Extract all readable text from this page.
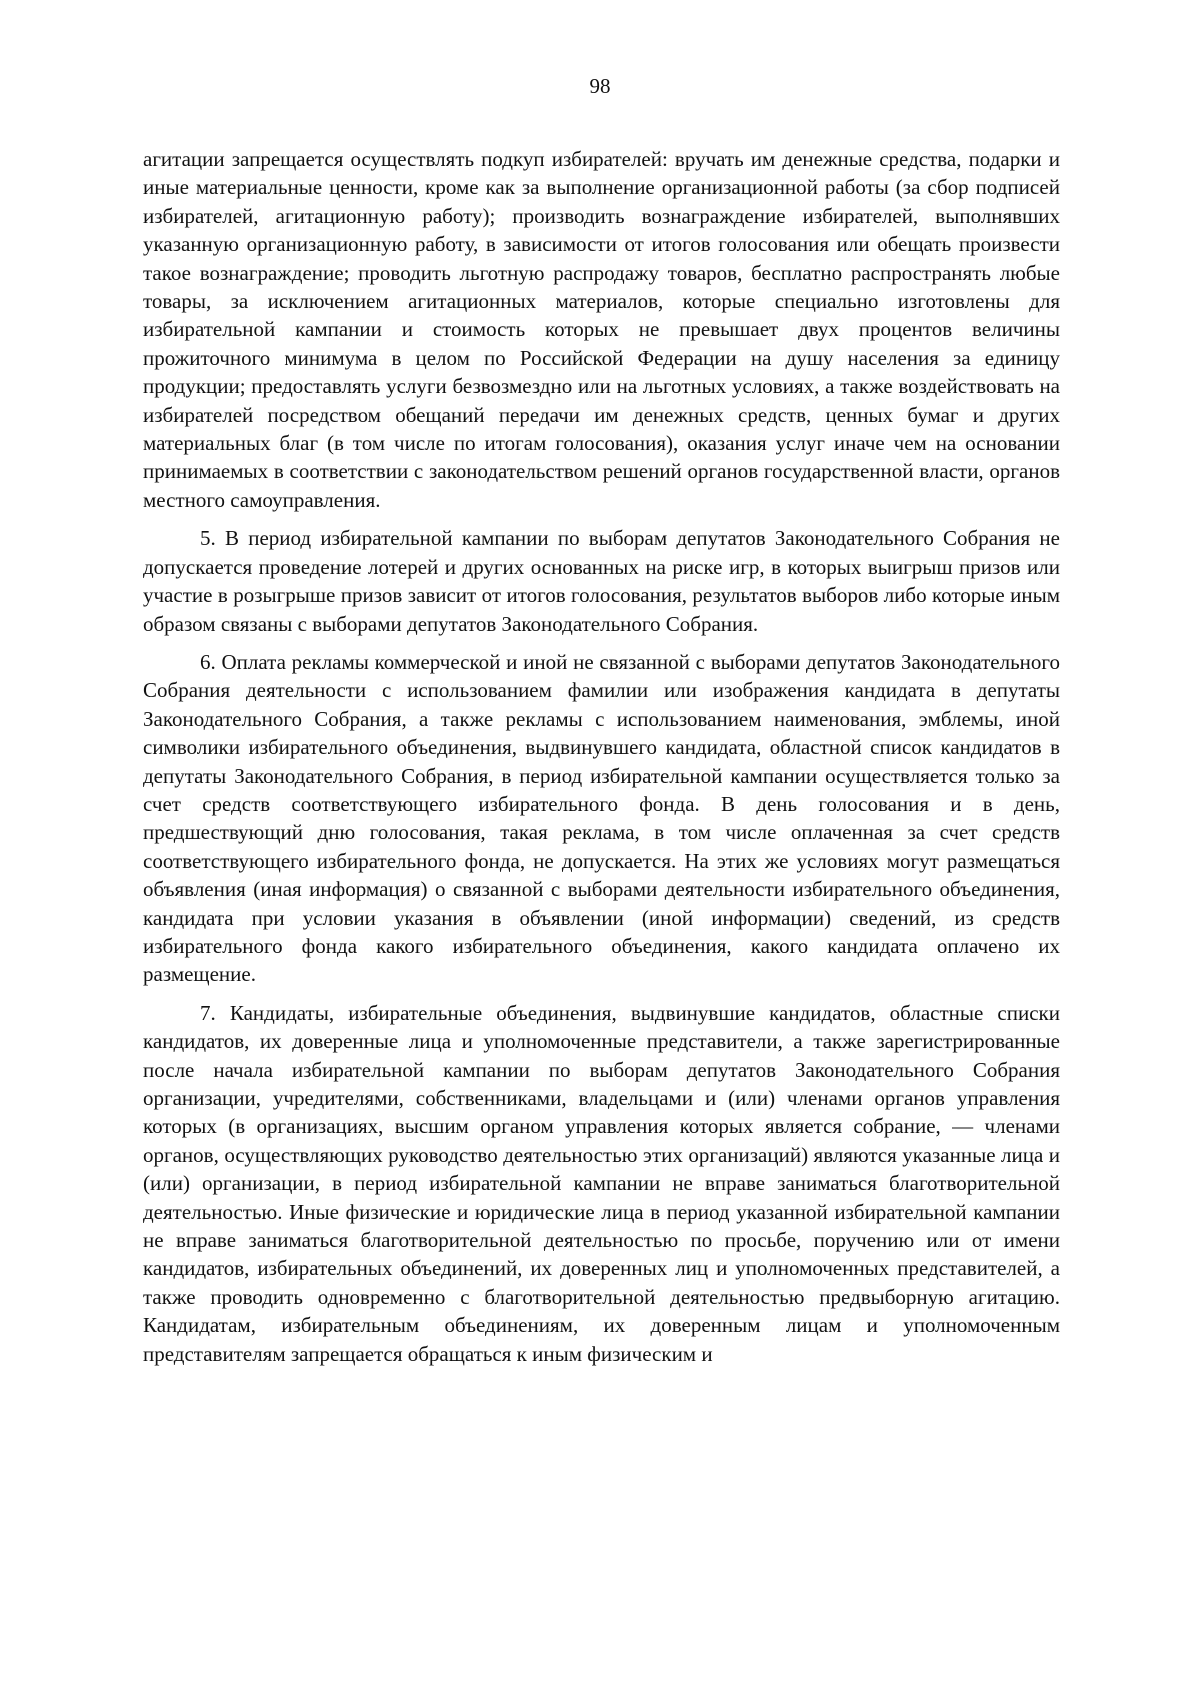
98

агитации запрещается осуществлять подкуп избирателей: вручать им денежные средства, подарки и иные материальные ценности, кроме как за выполнение организационной работы (за сбор подписей избирателей, агитационную работу); производить вознаграждение избирателей, выполнявших указанную организационную работу, в зависимости от итогов голосования или обещать произвести такое вознаграждение; проводить льготную распродажу товаров, бесплатно распространять любые товары, за исключением агитационных материалов, которые специально изготовлены для избирательной кампании и стоимость которых не превышает двух процентов величины прожиточного минимума в целом по Российской Федерации на душу населения за единицу продукции; предоставлять услуги безвозмездно или на льготных условиях, а также воздействовать на избирателей посредством обещаний передачи им денежных средств, ценных бумаг и других материальных благ (в том числе по итогам голосования), оказания услуг иначе чем на основании принимаемых в соответствии с законодательством решений органов государственной власти, органов местного самоуправления.

5. В период избирательной кампании по выборам депутатов Законодательного Собрания не допускается проведение лотерей и других основанных на риске игр, в которых выигрыш призов или участие в розыгрыше призов зависит от итогов голосования, результатов выборов либо которые иным образом связаны с выборами депутатов Законодательного Собрания.

6. Оплата рекламы коммерческой и иной не связанной с выборами депутатов Законодательного Собрания деятельности с использованием фамилии или изображения кандидата в депутаты Законодательного Собрания, а также рекламы с использованием наименования, эмблемы, иной символики избирательного объединения, выдвинувшего кандидата, областной список кандидатов в депутаты Законодательного Собрания, в период избирательной кампании осуществляется только за счет средств соответствующего избирательного фонда. В день голосования и в день, предшествующий дню голосования, такая реклама, в том числе оплаченная за счет средств соответствующего избирательного фонда, не допускается. На этих же условиях могут размещаться объявления (иная информация) о связанной с выборами деятельности избирательного объединения, кандидата при условии указания в объявлении (иной информации) сведений, из средств избирательного фонда какого избирательного объединения, какого кандидата оплачено их размещение.

7. Кандидаты, избирательные объединения, выдвинувшие кандидатов, областные списки кандидатов, их доверенные лица и уполномоченные представители, а также зарегистрированные после начала избирательной кампании по выборам депутатов Законодательного Собрания организации, учредителями, собственниками, владельцами и (или) членами органов управления которых (в организациях, высшим органом управления которых является собрание, — членами органов, осуществляющих руководство деятельностью этих организаций) являются указанные лица и (или) организации, в период избирательной кампании не вправе заниматься благотворительной деятельностью. Иные физические и юридические лица в период указанной избирательной кампании не вправе заниматься благотворительной деятельностью по просьбе, поручению или от имени кандидатов, избирательных объединений, их доверенных лиц и уполномоченных представителей, а также проводить одновременно с благотворительной деятельностью предвыборную агитацию. Кандидатам, избирательным объединениям, их доверенным лицам и уполномоченным представителям запрещается обращаться к иным физическим и
